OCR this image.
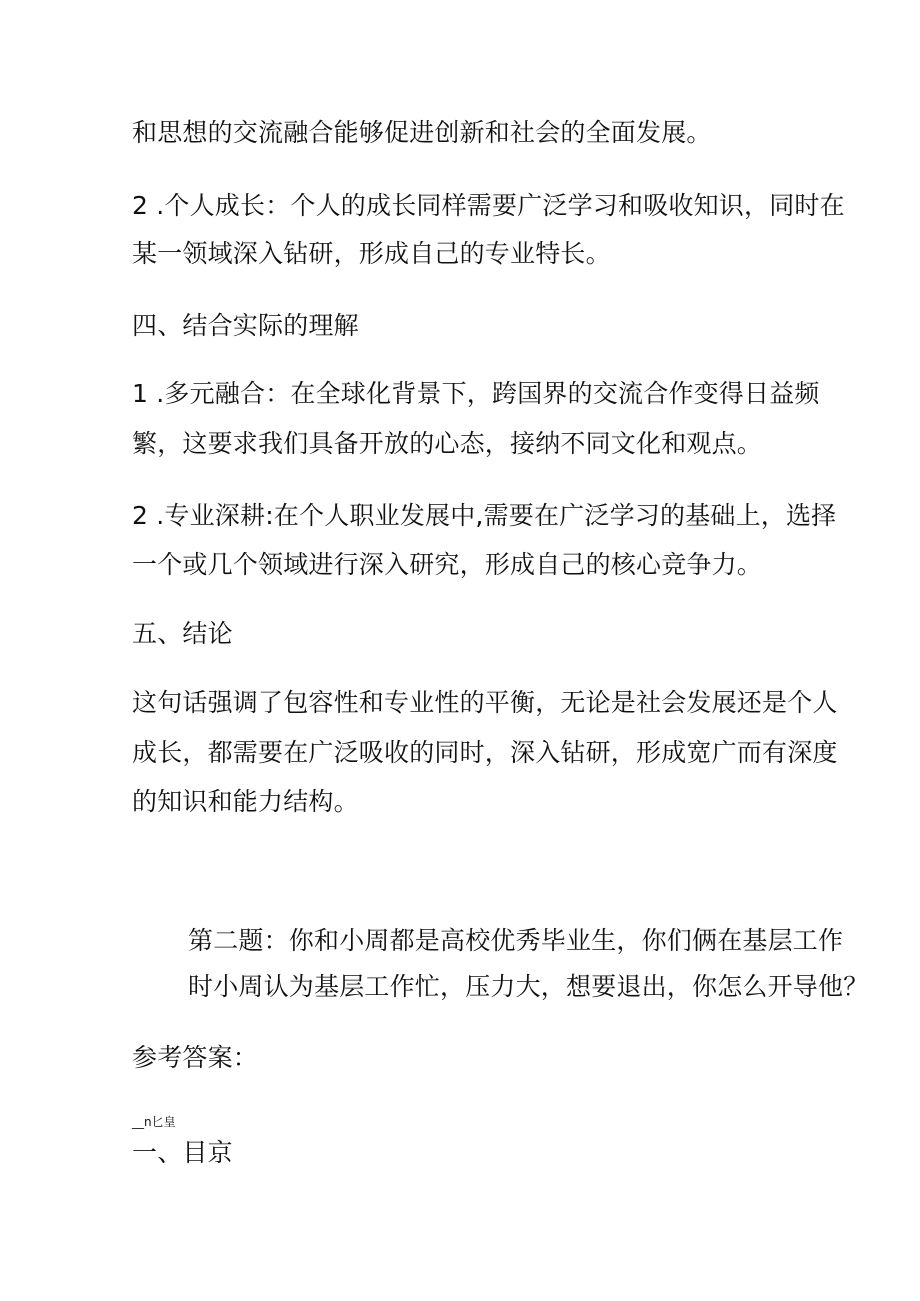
和思想的交流融合能够促进创新和社会的全面发展。
2 .个人成长：个人的成长同样需要广泛学习和吸收知识，同时在
某一领域深入钻研，形成自己的专业特长。
四、结合实际的理解
1 .多元融合：在全球化背景下，跨国界的交流合作变得日益频
繁，这要求我们具备开放的心态，接纳不同文化和观点。
2 .专业深耕:在个人职业发展中,需要在广泛学习的基础上，选择
一个或几个领域进行深入研究，形成自己的核心竞争力。
五、结论
这句话强调了包容性和专业性的平衡，无论是社会发展还是个人
成长，都需要在广泛吸收的同时，深入钻研，形成宽广而有深度
的知识和能力结构。
第二题：你和小周都是高校优秀毕业生，你们俩在基层工作
时小周认为基层工作忙，压力大，想要退出，你怎么开导他？
参考答案：
__n匕皇
一、目京
